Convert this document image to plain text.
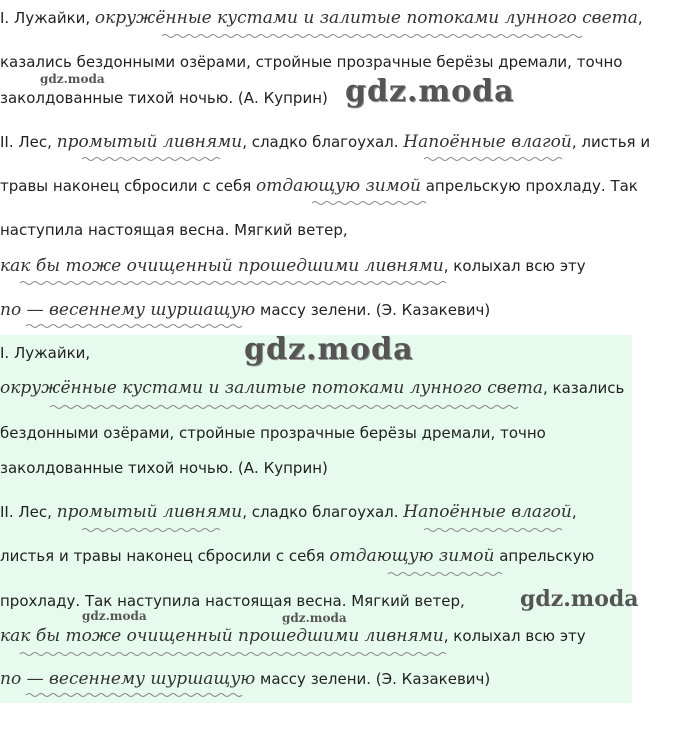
I. Лужайки, окружённые кустами и залитые потоками лунного света,
казались бездонными озёрами, стройные прозрачные берёзы дремали, точно
заколдованные тихой ночью. (А. Куприн)
II. Лес, промытый ливнями, сладко благоухал. Напоённые влагой, листья и
травы наконец сбросили с себя отдающую зимой апрельскую прохладу. Так
наступила настоящая весна. Мягкий ветер,
как бы тоже очищенный прошедшими ливнями, колыхал всю эту
по — весеннему шуршащую массу зелени. (Э. Казакевич)
gdz.moda	gdz.moda
I. Лужайки,
окружённые кустами и залитые потоками лунного света, казались
бездонными озёрами, стройные прозрачные берёзы дремали, точно
заколдованные тихой ночью. (А. Куприн)
II. Лес, промытый ливнями, сладко благоухал. Напоённые влагой,
листья и травы наконец сбросили с себя отдающую зимой апрельскую
прохладу. Так наступила настоящая весна. Мягкий ветер,
как бы тоже очищенный прошедшими ливнями, колыхал всю эту
по — весеннему шуршащую массу зелени. (Э. Казакевич)
gdz.moda
gdz.moda
gdz.moda	gdz.moda
